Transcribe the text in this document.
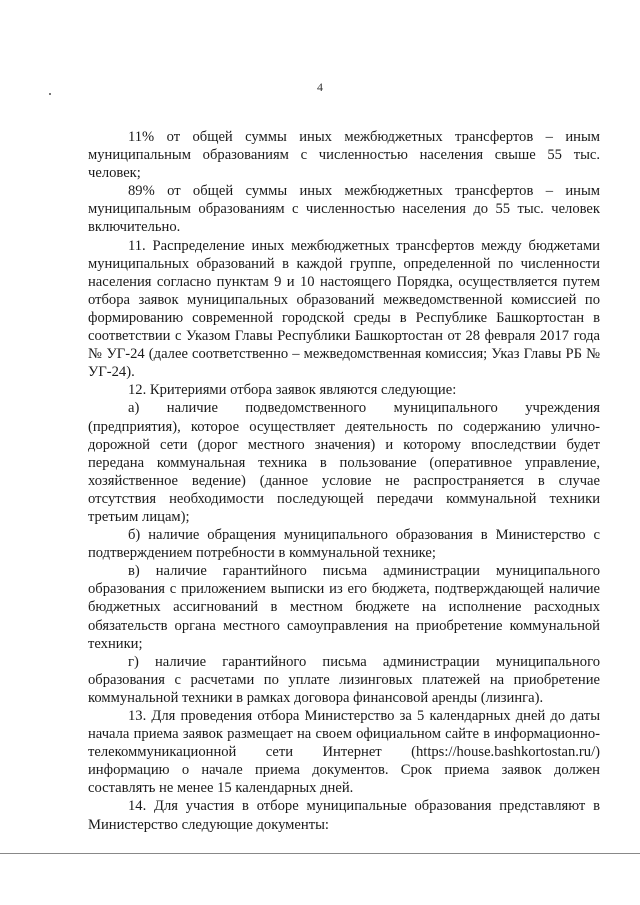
4

11% от общей суммы иных межбюджетных трансфертов – иным муниципальным образованиям с численностью населения свыше 55 тыс. человек;

89% от общей суммы иных межбюджетных трансфертов – иным муниципальным образованиям с численностью населения до 55 тыс. человек включительно.

11. Распределение иных межбюджетных трансфертов между бюджетами муниципальных образований в каждой группе, определенной по численности населения согласно пунктам 9 и 10 настоящего Порядка, осуществляется путем отбора заявок муниципальных образований межведомственной комиссией по формированию современной городской среды в Республике Башкортостан в соответствии с Указом Главы Республики Башкортостан от 28 февраля 2017 года № УГ-24 (далее соответственно – межведомственная комиссия; Указ Главы РБ № УГ-24).

12. Критериями отбора заявок являются следующие:

а) наличие подведомственного муниципального учреждения (предприятия), которое осуществляет деятельность по содержанию улично-дорожной сети (дорог местного значения) и которому впоследствии будет передана коммунальная техника в пользование (оперативное управление, хозяйственное ведение) (данное условие не распространяется в случае отсутствия необходимости последующей передачи коммунальной техники третьим лицам);

б) наличие обращения муниципального образования в Министерство с подтверждением потребности в коммунальной технике;

в) наличие гарантийного письма администрации муниципального образования с приложением выписки из его бюджета, подтверждающей наличие бюджетных ассигнований в местном бюджете на исполнение расходных обязательств органа местного самоуправления на приобретение коммунальной техники;

г) наличие гарантийного письма администрации муниципального образования с расчетами по уплате лизинговых платежей на приобретение коммунальной техники в рамках договора финансовой аренды (лизинга).

13. Для проведения отбора Министерство за 5 календарных дней до даты начала приема заявок размещает на своем официальном сайте в информационно-телекоммуникационной сети Интернет (https://house.bashkortostan.ru/) информацию о начале приема документов. Срок приема заявок должен составлять не менее 15 календарных дней.

14. Для участия в отборе муниципальные образования представляют в Министерство следующие документы:
